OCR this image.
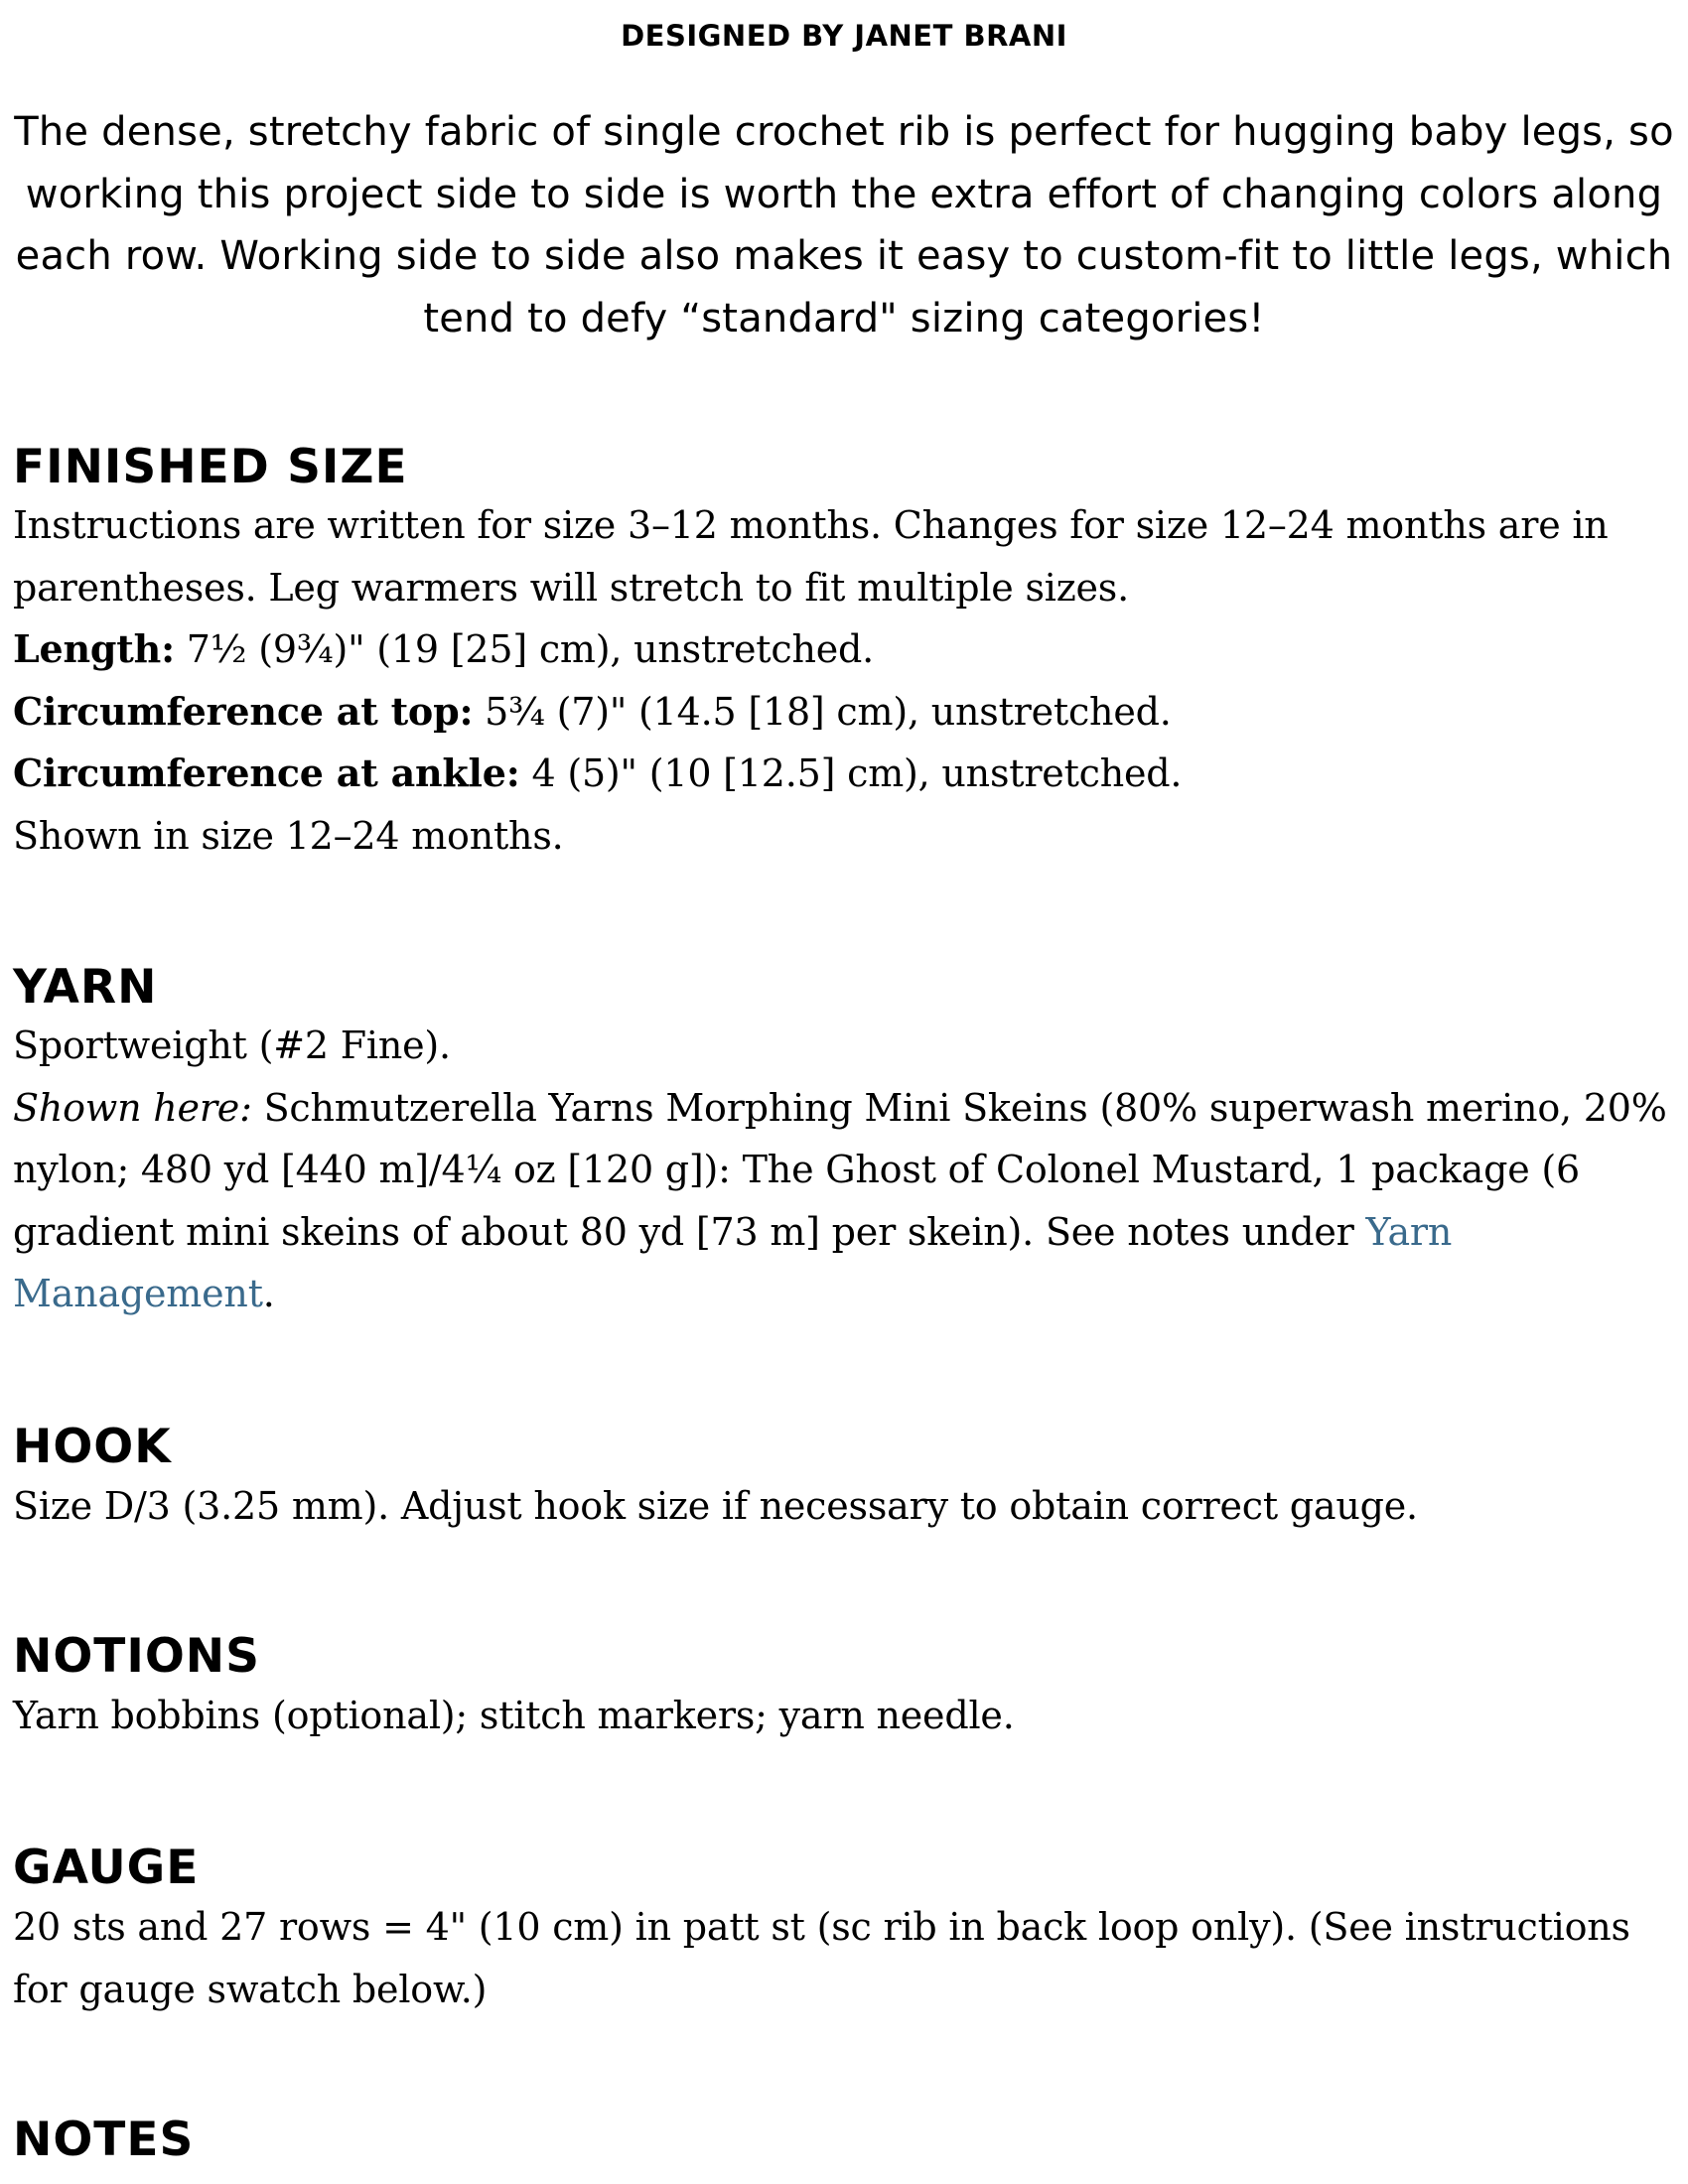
DESIGNED BY JANET BRANI
The dense, stretchy fabric of single crochet rib is perfect for hugging baby legs, so working this project side to side is worth the extra effort of changing colors along each row. Working side to side also makes it easy to custom-fit to little legs, which tend to defy “standard" sizing categories!
FINISHED SIZE

Instructions are written for size 3–12 months. Changes for size 12–24 months are in parentheses. Leg warmers will stretch to fit multiple sizes.

Length: 7½ (9¾)" (19 [25] cm), unstretched.

Circumference at top: 5¾ (7)" (14.5 [18] cm), unstretched.

Circumference at ankle: 4 (5)" (10 [12.5] cm), unstretched.

Shown in size 12–24 months.

YARN

Sportweight (#2 Fine).

Shown here: Schmutzerella Yarns Morphing Mini Skeins (80% superwash merino, 20% nylon; 480 yd [440 m]/4¼ oz [120 g]): The Ghost of Colonel Mustard, 1 package (6 gradient mini skeins of about 80 yd [73 m] per skein). See notes under Yarn Management.

HOOK

Size D/3 (3.25 mm). Adjust hook size if necessary to obtain correct gauge.

NOTIONS

Yarn bobbins (optional); stitch markers; yarn needle.

GAUGE

20 sts and 27 rows = 4" (10 cm) in patt st (sc rib in back loop only). (See instructions for gauge swatch below.)

NOTES
